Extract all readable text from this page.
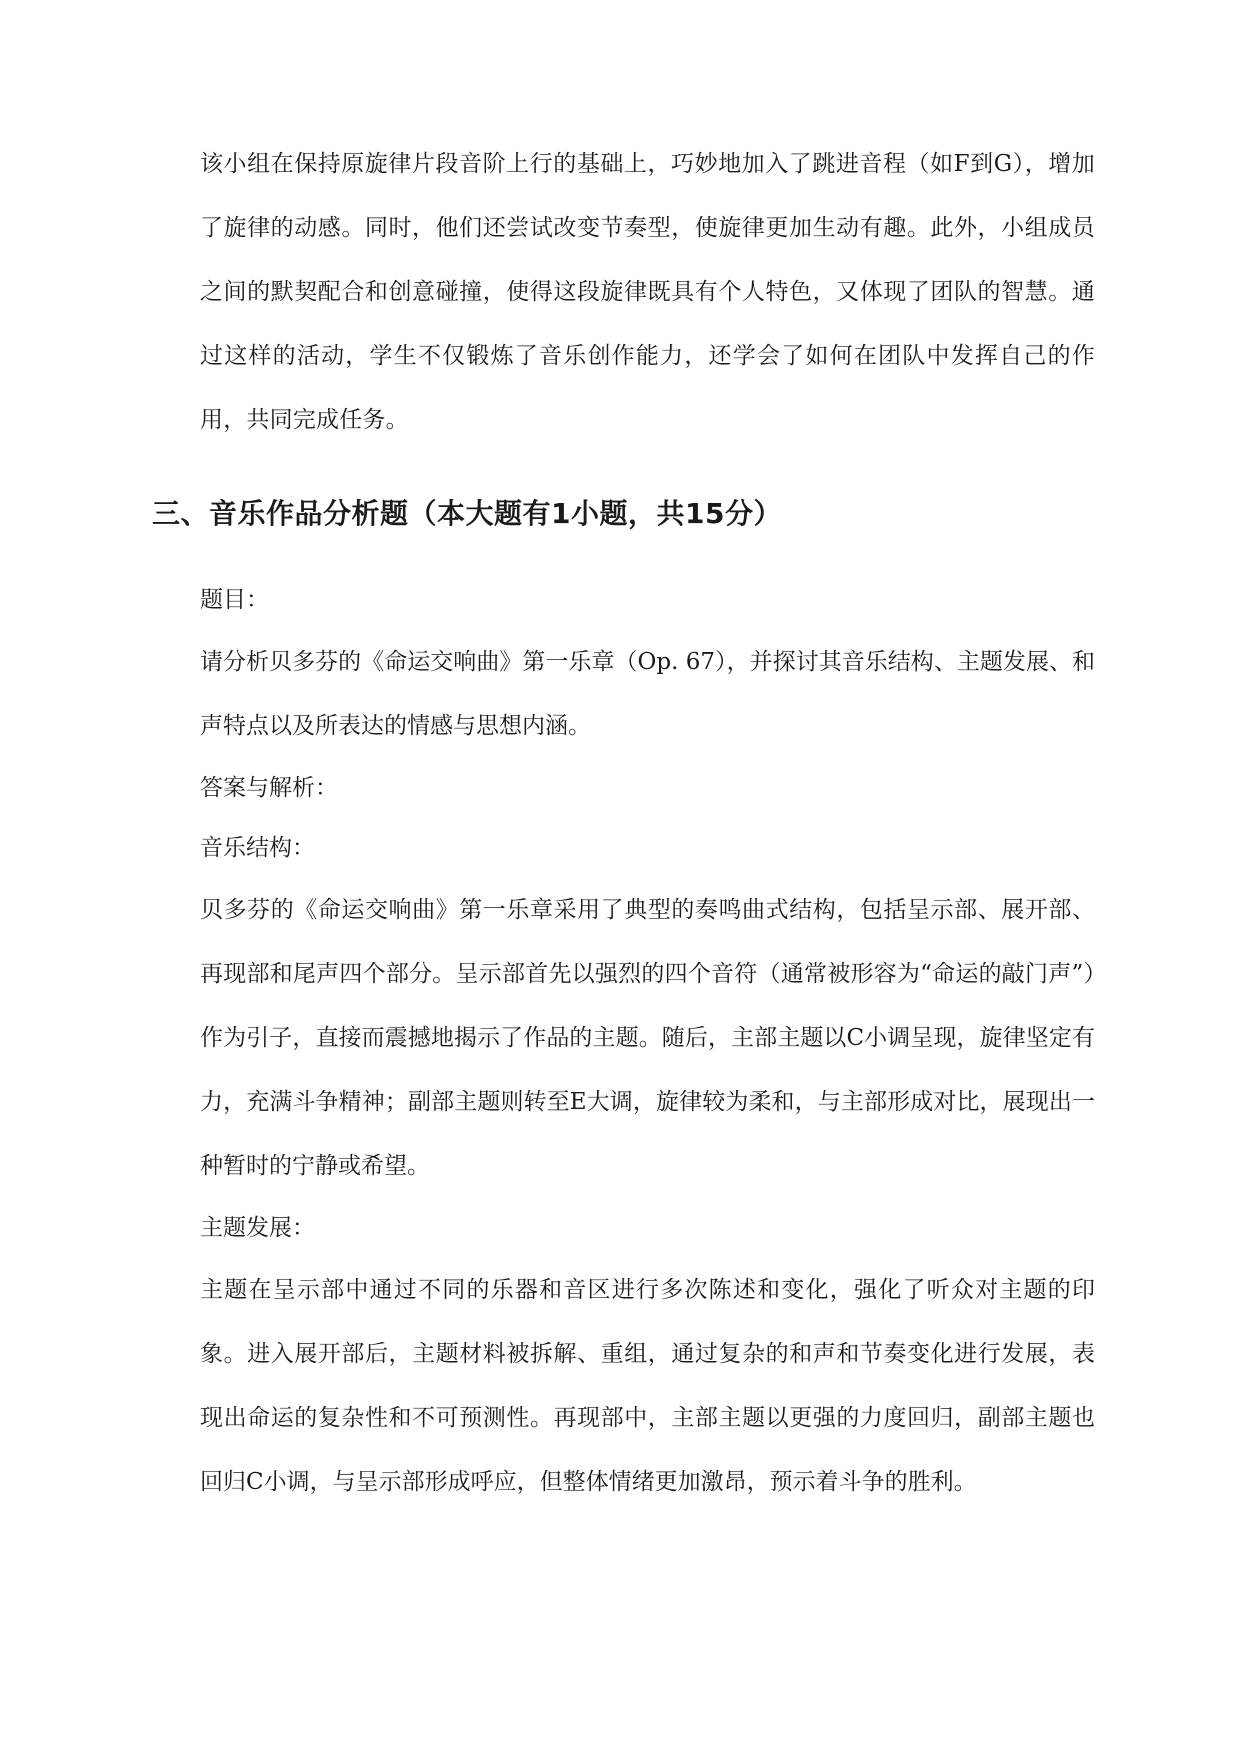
该小组在保持原旋律片段音阶上行的基础上，巧妙地加入了跳进音程（如F到G），增加了旋律的动感。同时，他们还尝试改变节奏型，使旋律更加生动有趣。此外，小组成员之间的默契配合和创意碰撞，使得这段旋律既具有个人特色，又体现了团队的智慧。通过这样的活动，学生不仅锻炼了音乐创作能力，还学会了如何在团队中发挥自己的作用，共同完成任务。

三、音乐作品分析题（本大题有1小题，共15分）

题目：

请分析贝多芬的《命运交响曲》第一乐章（Op. 67），并探讨其音乐结构、主题发展、和声特点以及所表达的情感与思想内涵。

答案与解析：

音乐结构：

贝多芬的《命运交响曲》第一乐章采用了典型的奏鸣曲式结构，包括呈示部、展开部、再现部和尾声四个部分。呈示部首先以强烈的四个音符（通常被形容为“命运的敲门声”）作为引子，直接而震撼地揭示了作品的主题。随后，主部主题以C小调呈现，旋律坚定有力，充满斗争精神；副部主题则转至E大调，旋律较为柔和，与主部形成对比，展现出一种暂时的宁静或希望。

主题发展：

主题在呈示部中通过不同的乐器和音区进行多次陈述和变化，强化了听众对主题的印象。进入展开部后，主题材料被拆解、重组，通过复杂的和声和节奏变化进行发展，表现出命运的复杂性和不可预测性。再现部中，主部主题以更强的力度回归，副部主题也回归C小调，与呈示部形成呼应，但整体情绪更加激昂，预示着斗争的胜利。
